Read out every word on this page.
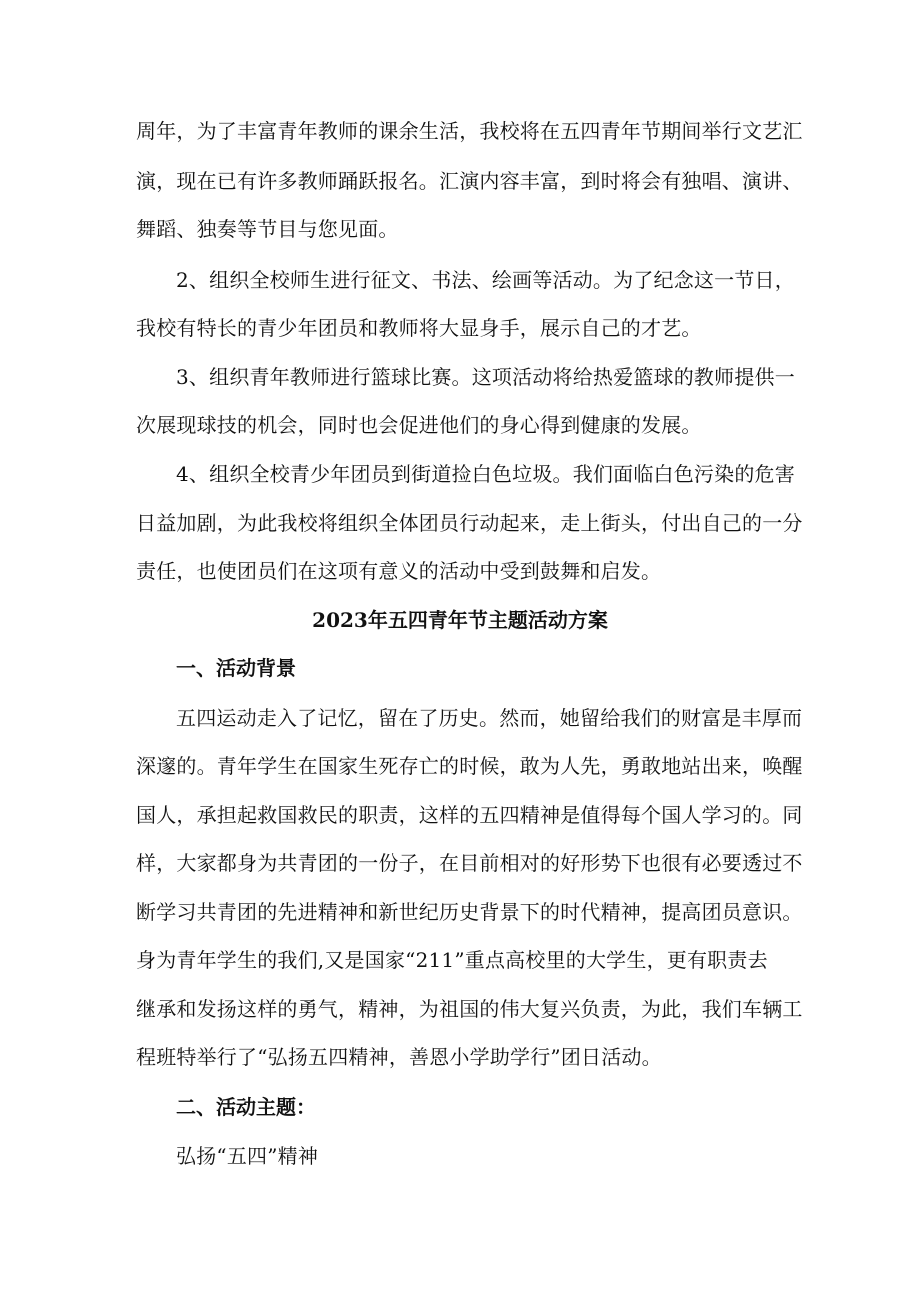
周年，为了丰富青年教师的课余生活，我校将在五四青年节期间举行文艺汇
演，现在已有许多教师踊跃报名。汇演内容丰富，到时将会有独唱、演讲、
舞蹈、独奏等节目与您见面。
2、组织全校师生进行征文、书法、绘画等活动。为了纪念这一节日，
我校有特长的青少年团员和教师将大显身手，展示自己的才艺。
3、组织青年教师进行篮球比赛。这项活动将给热爱篮球的教师提供一
次展现球技的机会，同时也会促进他们的身心得到健康的发展。
4、组织全校青少年团员到街道捡白色垃圾。我们面临白色污染的危害
日益加剧，为此我校将组织全体团员行动起来，走上街头，付出自己的一分
责任，也使团员们在这项有意义的活动中受到鼓舞和启发。
2023年五四青年节主题活动方案
一、活动背景
五四运动走入了记忆，留在了历史。然而，她留给我们的财富是丰厚而
深邃的。青年学生在国家生死存亡的时候，敢为人先，勇敢地站出来，唤醒
国人，承担起救国救民的职责，这样的五四精神是值得每个国人学习的。同
样，大家都身为共青团的一份子，在目前相对的好形势下也很有必要透过不
断学习共青团的先进精神和新世纪历史背景下的时代精神，提高团员意识。
身为青年学生的我们,又是国家“211”重点高校里的大学生，更有职责去
继承和发扬这样的勇气，精神，为祖国的伟大复兴负责，为此，我们车辆工
程班特举行了“弘扬五四精神，善恩小学助学行”团日活动。
二、活动主题：
弘扬“五四”精神
